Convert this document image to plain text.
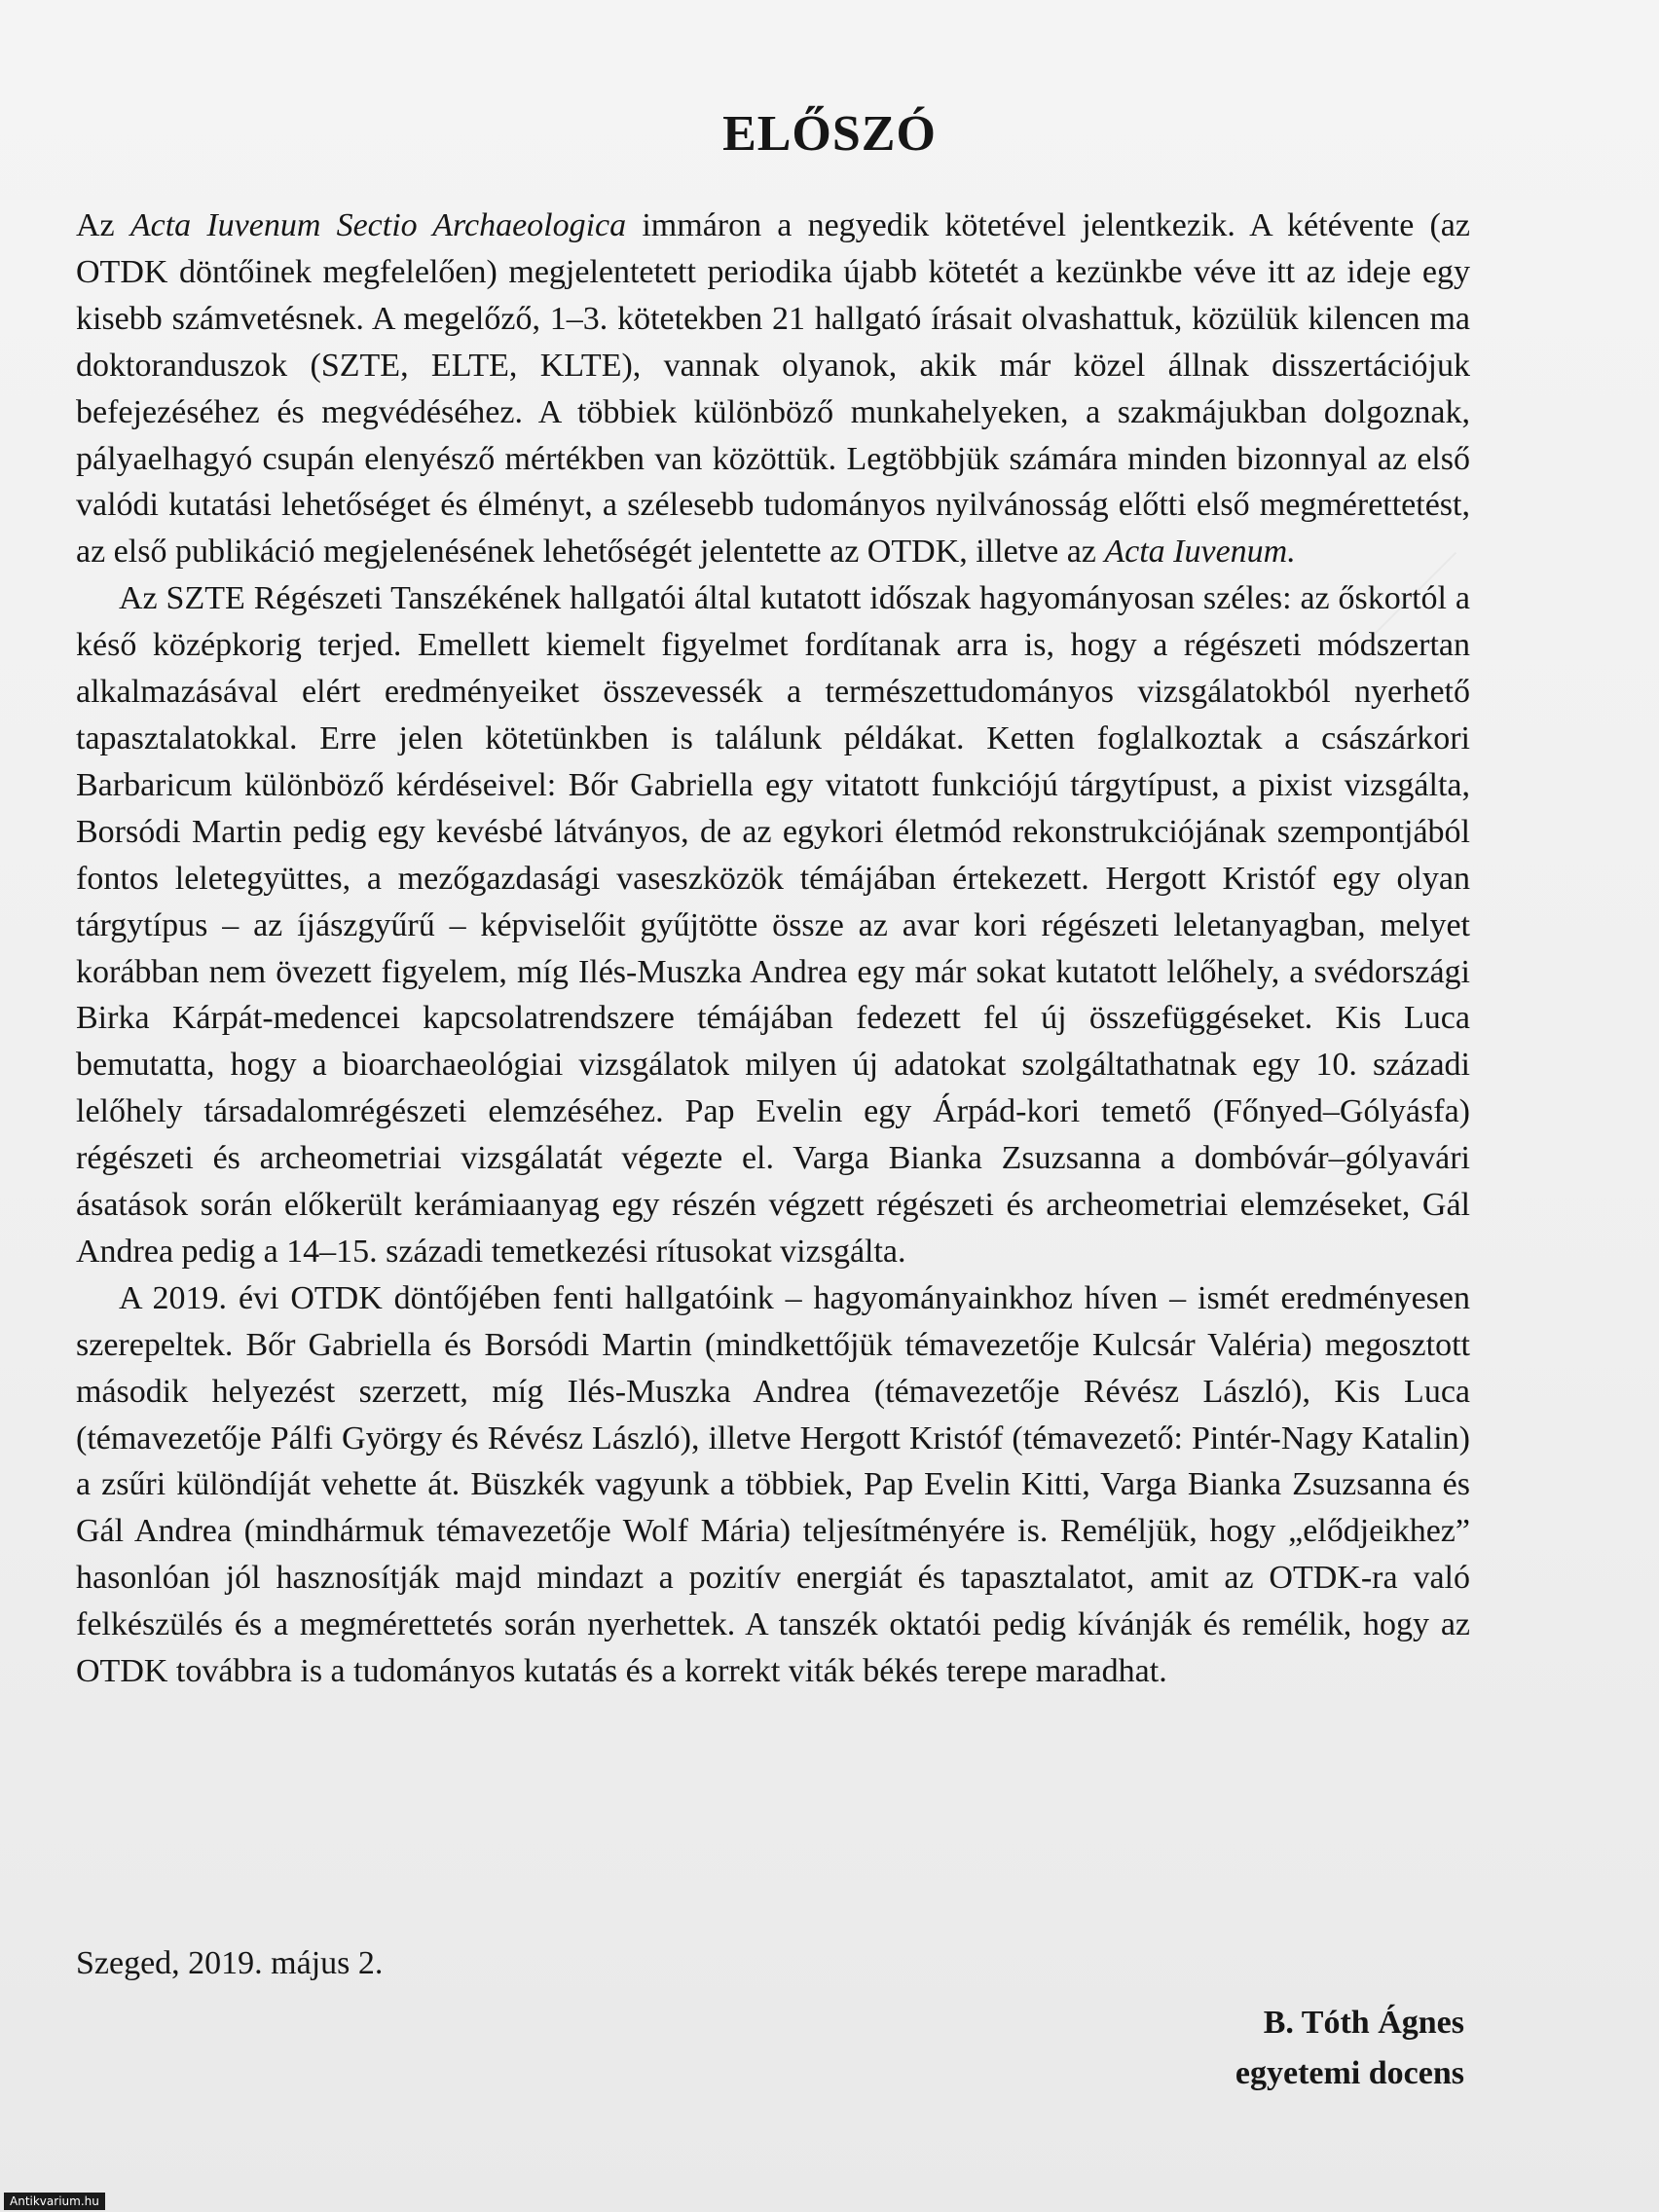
ELŐSZÓ

Az Acta Iuvenum Sectio Archaeologica immáron a negyedik kötetével jelentkezik. A kétévente (az OTDK döntőinek megfelelően) megjelentetett periodika újabb kötetét a kezünkbe véve itt az ideje egy kisebb számvetésnek. A megelőző, 1–3. kötetekben 21 hallgató írásait olvashattuk, közülük kilencen ma doktoranduszok (SZTE, ELTE, KLTE), vannak olyanok, akik már közel állnak disszertációjuk befejezéséhez és megvédéséhez. A többiek különböző munkahelyeken, a szakmájukban dolgoznak, pályaelhagyó csupán elenyésző mértékben van közöttük. Legtöbbjük számára minden bizonnyal az első valódi kutatási lehetőséget és élményt, a szélesebb tudományos nyilvánosság előtti első megmérettetést, az első publikáció megjelenésének lehetőségét jelentette az OTDK, illetve az Acta Iuvenum.

Az SZTE Régészeti Tanszékének hallgatói által kutatott időszak hagyományosan széles: az őskortól a késő középkorig terjed. Emellett kiemelt figyelmet fordítanak arra is, hogy a régészeti módszertan alkalmazásával elért eredményeiket összevessék a természettudományos vizsgálatokból nyerhető tapasztalatokkal. Erre jelen kötetünkben is találunk példákat. Ketten foglalkoztak a császárkori Barbaricum különböző kérdéseivel: Bőr Gabriella egy vitatott funkciójú tárgytípust, a pixist vizsgálta, Borsódi Martin pedig egy kevésbé látványos, de az egykori életmód rekonstrukciójának szempontjából fontos leletegyüttes, a mezőgazdasági vaseszközök témájában értekezett. Hergott Kristóf egy olyan tárgytípus – az íjászgyűrű – képviselőit gyűjtötte össze az avar kori régészeti leletanyagban, melyet korábban nem övezett figyelem, míg Ilés-Muszka Andrea egy már sokat kutatott lelőhely, a svédországi Birka Kárpát-medencei kapcsolatrendszere témájában fedezett fel új összefüggéseket. Kis Luca bemutatta, hogy a bioarchaeológiai vizsgálatok milyen új adatokat szolgáltathatnak egy 10. századi lelőhely társadalomrégészeti elemzéséhez. Pap Evelin egy Árpád-kori temető (Főnyed–Gólyásfa) régészeti és archeometriai vizsgálatát végezte el. Varga Bianka Zsuzsanna a dombóvár–gólyavári ásatások során előkerült kerámiaanyag egy részén végzett régészeti és archeometriai elemzéseket, Gál Andrea pedig a 14–15. századi temetkezési rítusokat vizsgálta.

A 2019. évi OTDK döntőjében fenti hallgatóink – hagyományainkhoz híven – ismét eredményesen szerepeltek. Bőr Gabriella és Borsódi Martin (mindkettőjük témavezetője Kulcsár Valéria) megosztott második helyezést szerzett, míg Ilés-Muszka Andrea (témavezetője Révész László), Kis Luca (témavezetője Pálfi György és Révész László), illetve Hergott Kristóf (témavezető: Pintér-Nagy Katalin) a zsűri különdíját vehette át. Büszkék vagyunk a többiek, Pap Evelin Kitti, Varga Bianka Zsuzsanna és Gál Andrea (mindhármuk témavezetője Wolf Mária) teljesítményére is. Reméljük, hogy „elődjeikhez” hasonlóan jól hasznosítják majd mindazt a pozitív energiát és tapasztalatot, amit az OTDK-ra való felkészülés és a megmérettetés során nyerhettek. A tanszék oktatói pedig kívánják és remélik, hogy az OTDK továbbra is a tudományos kutatás és a korrekt viták békés terepe maradhat.

Szeged, 2019. május 2.
B. Tóth Ágnes
egyetemi docens
Antikvarium.hu
